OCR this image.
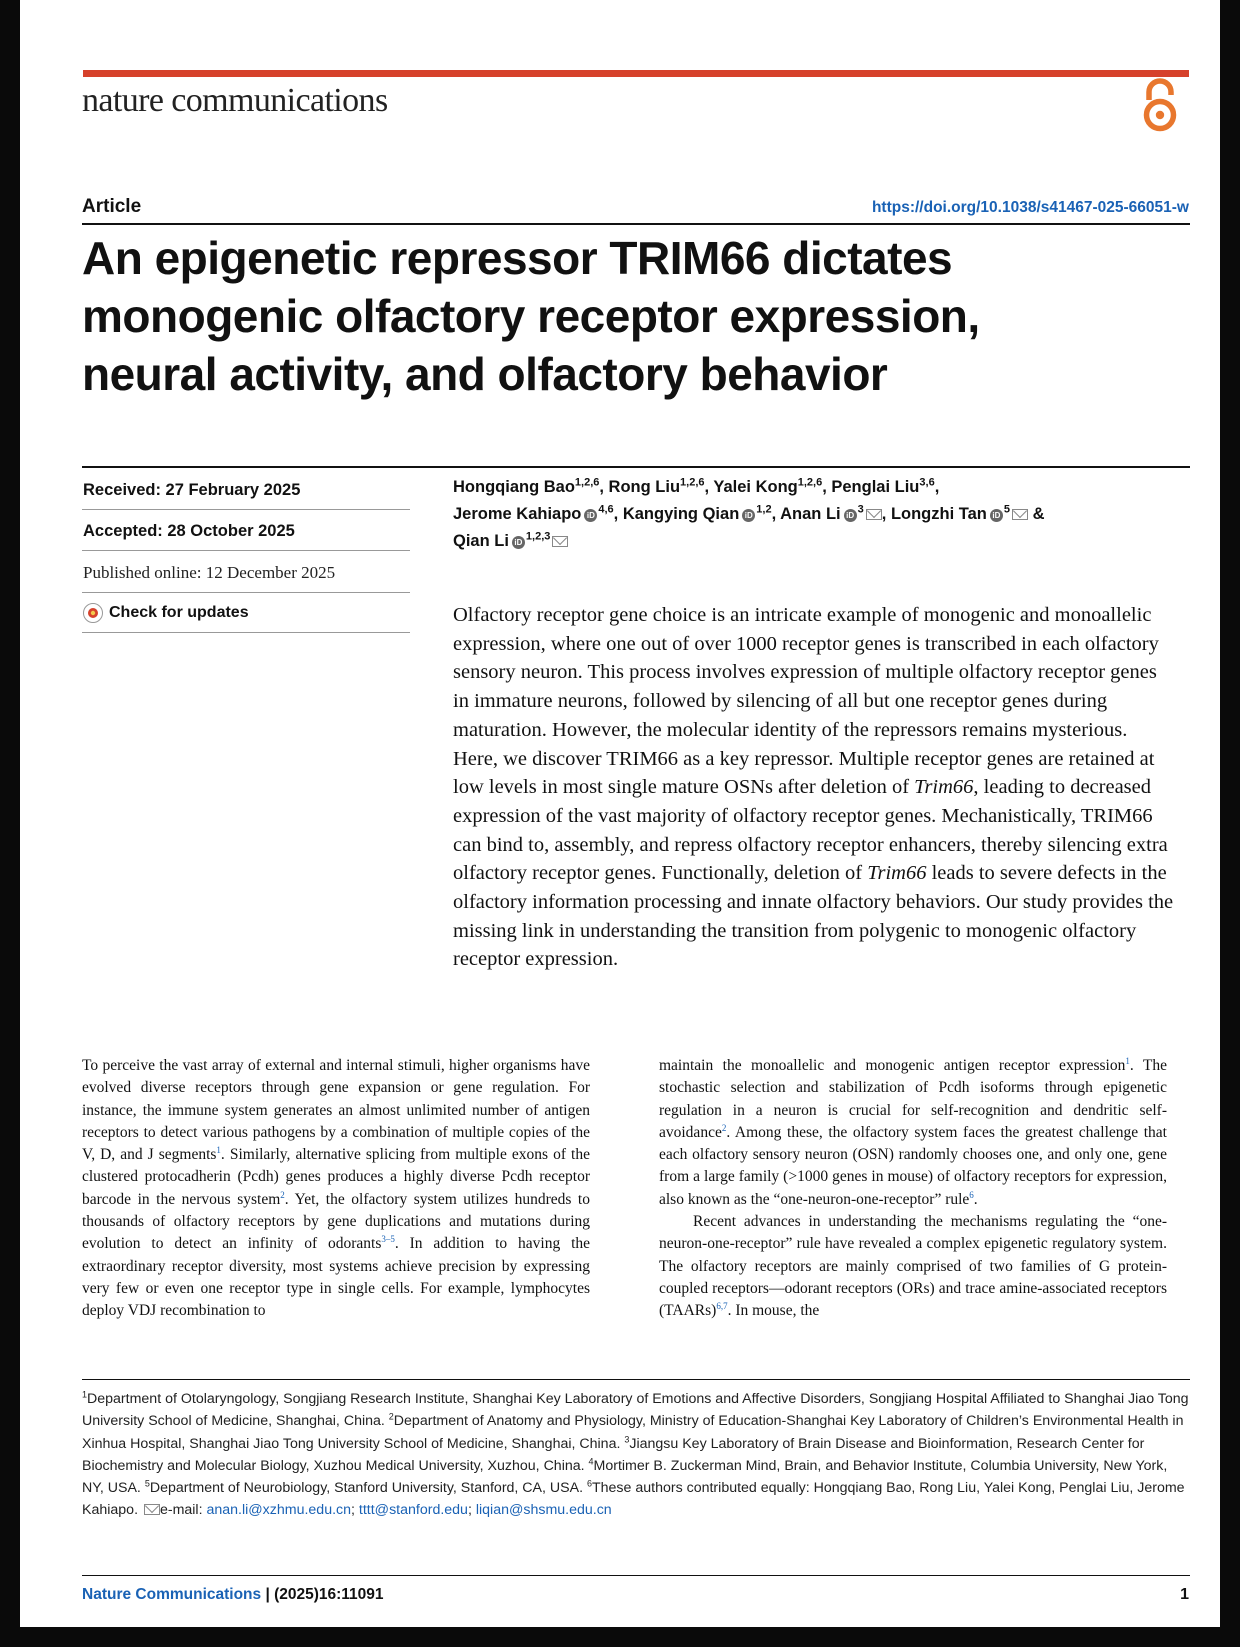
nature communications
Article	https://doi.org/10.1038/s41467-025-66051-w
An epigenetic repressor TRIM66 dictates
monogenic olfactory receptor expression,
neural activity, and olfactory behavior
Received: 27 February 2025
Accepted: 28 October 2025
Published online: 12 December 2025
Check for updates
Hongqiang Bao$^{1,2,6}$, Rong Liu$^{1,2,6}$, Yalei Kong$^{1,2,6}$, Penglai Liu$^{3,6}$,
Jerome Kahiapo iD $^{4,6}$, Kangying Qian iD $^{1,2}$, Anan Li iD $^3$ , Longzhi Tan iD $^5$ &
Qian Li iD $^{1,2,3}$

Olfactory receptor gene choice is an intricate example of monogenic and monoallelic expression, where one out of over 1000 receptor genes is transcribed in each olfactory sensory neuron. This process involves expression of multiple olfactory receptor genes in immature neurons, followed by silencing of all but one receptor genes during maturation. However, the molecular identity of the repressors remains mysterious. Here, we discover TRIM66 as a key repressor. Multiple receptor genes are retained at low levels in most single mature OSNs after deletion of Trim66, leading to decreased expression of the vast majority of olfactory receptor genes. Mechanistically, TRIM66 can bind to, assembly, and repress olfactory receptor enhancers, thereby silencing extra olfactory receptor genes. Functionally, deletion of Trim66 leads to severe defects in the olfactory information processing and innate olfactory behaviors. Our study provides the missing link in understanding the transition from polygenic to monogenic olfactory receptor expression.

To perceive the vast array of external and internal stimuli, higher organisms have evolved diverse receptors through gene expansion or gene regulation. For instance, the immune system generates an almost unlimited number of antigen receptors to detect various pathogens by a combination of multiple copies of the V, D, and J segments$^1$. Similarly, alternative splicing from multiple exons of the clustered protocadherin (Pcdh) genes produces a highly diverse Pcdh receptor barcode in the nervous system$^2$. Yet, the olfactory system utilizes hundreds to thousands of olfactory receptors by gene duplications and mutations during evolution to detect an infinity of odorants$^{3-5}$. In addition to having the extraordinary receptor diversity, most systems achieve precision by expressing very few or even one receptor type in single cells. For example, lymphocytes deploy VDJ recombination to

maintain the monoallelic and monogenic antigen receptor expression$^1$. The stochastic selection and stabilization of Pcdh isoforms through epigenetic regulation in a neuron is crucial for self-recognition and dendritic self-avoidance$^2$. Among these, the olfactory system faces the greatest challenge that each olfactory sensory neuron (OSN) randomly chooses one, and only one, gene from a large family (>1000 genes in mouse) of olfactory receptors for expression, also known as the “one-neuron-one-receptor” rule$^6$.

Recent advances in understanding the mechanisms regulating the “one-neuron-one-receptor” rule have revealed a complex epigenetic regulatory system. The olfactory receptors are mainly comprised of two families of G protein-coupled receptors—odorant receptors (ORs) and trace amine-associated receptors (TAARs)$^{6,7}$. In mouse, the

$^1$Department of Otolaryngology, Songjiang Research Institute, Shanghai Key Laboratory of Emotions and Affective Disorders, Songjiang Hospital Affiliated to Shanghai Jiao Tong University School of Medicine, Shanghai, China. $^2$Department of Anatomy and Physiology, Ministry of Education-Shanghai Key Laboratory of Children’s Environmental Health in Xinhua Hospital, Shanghai Jiao Tong University School of Medicine, Shanghai, China. $^3$Jiangsu Key Laboratory of Brain Disease and Bioinformation, Research Center for Biochemistry and Molecular Biology, Xuzhou Medical University, Xuzhou, China. $^4$Mortimer B. Zuckerman Mind, Brain, and Behavior Institute, Columbia University, New York, NY, USA. $^5$Department of Neurobiology, Stanford University, Stanford, CA, USA. $^6$These authors contributed equally: Hongqiang Bao, Rong Liu, Yalei Kong, Penglai Liu, Jerome Kahiapo. e-mail: anan.li@xzhmu.edu.cn; tttt@stanford.edu; liqian@shsmu.edu.cn
Nature Communications | (2025)16:11091	1
